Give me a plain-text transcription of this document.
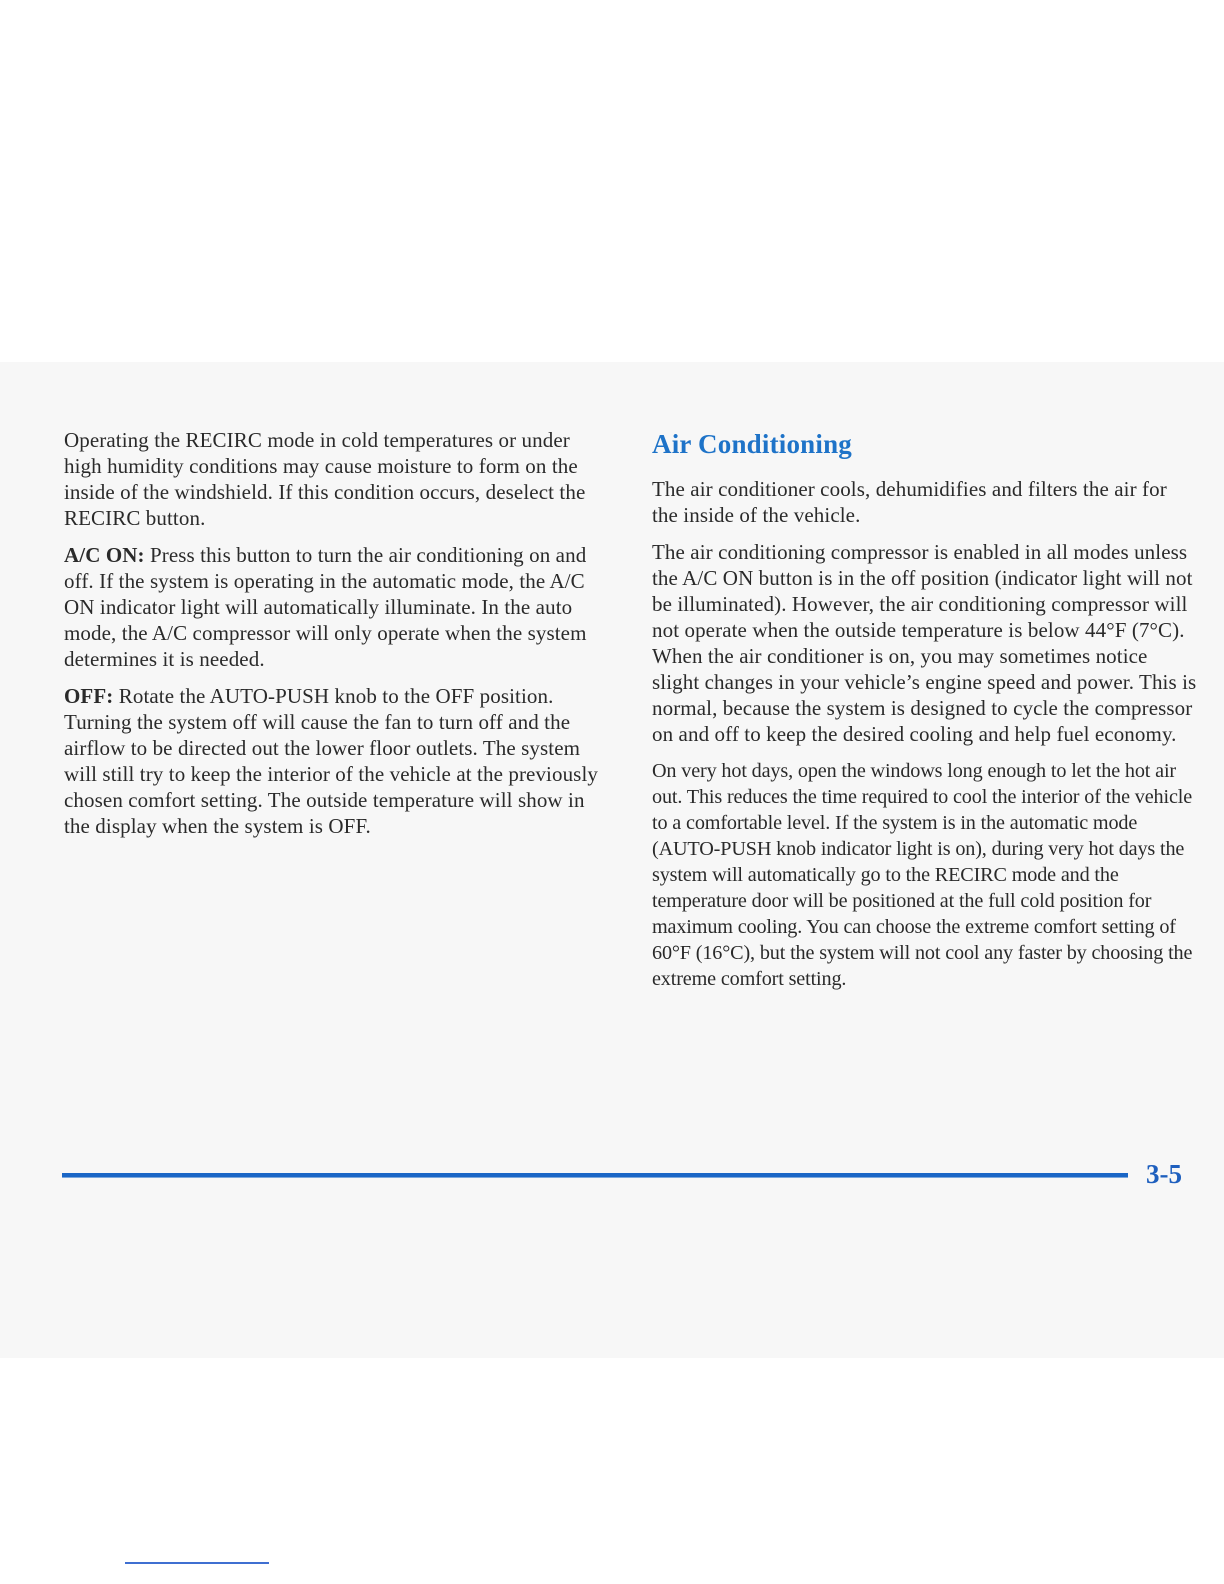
Operating the RECIRC mode in cold temperatures or under high humidity conditions may cause moisture to form on the inside of the windshield. If this condition occurs, deselect the RECIRC button.

A/C ON: Press this button to turn the air conditioning on and off. If the system is operating in the automatic mode, the A/C ON indicator light will automatically illuminate. In the auto mode, the A/C compressor will only operate when the system determines it is needed.

OFF: Rotate the AUTO-PUSH knob to the OFF position. Turning the system off will cause the fan to turn off and the airflow to be directed out the lower floor outlets. The system will still try to keep the interior of the vehicle at the previously chosen comfort setting. The outside temperature will show in the display when the system is OFF.

Air Conditioning

The air conditioner cools, dehumidifies and filters the air for the inside of the vehicle.

The air conditioning compressor is enabled in all modes unless the A/C ON button is in the off position (indicator light will not be illuminated). However, the air conditioning compressor will not operate when the outside temperature is below 44°F (7°C). When the air conditioner is on, you may sometimes notice slight changes in your vehicle’s engine speed and power. This is normal, because the system is designed to cycle the compressor on and off to keep the desired cooling and help fuel economy.

On very hot days, open the windows long enough to let the hot air out. This reduces the time required to cool the interior of the vehicle to a comfortable level. If the system is in the automatic mode (AUTO-PUSH knob indicator light is on), during very hot days the system will automatically go to the RECIRC mode and the temperature door will be positioned at the full cold position for maximum cooling. You can choose the extreme comfort setting of 60°F (16°C), but the system will not cool any faster by choosing the extreme comfort setting.

3-5
